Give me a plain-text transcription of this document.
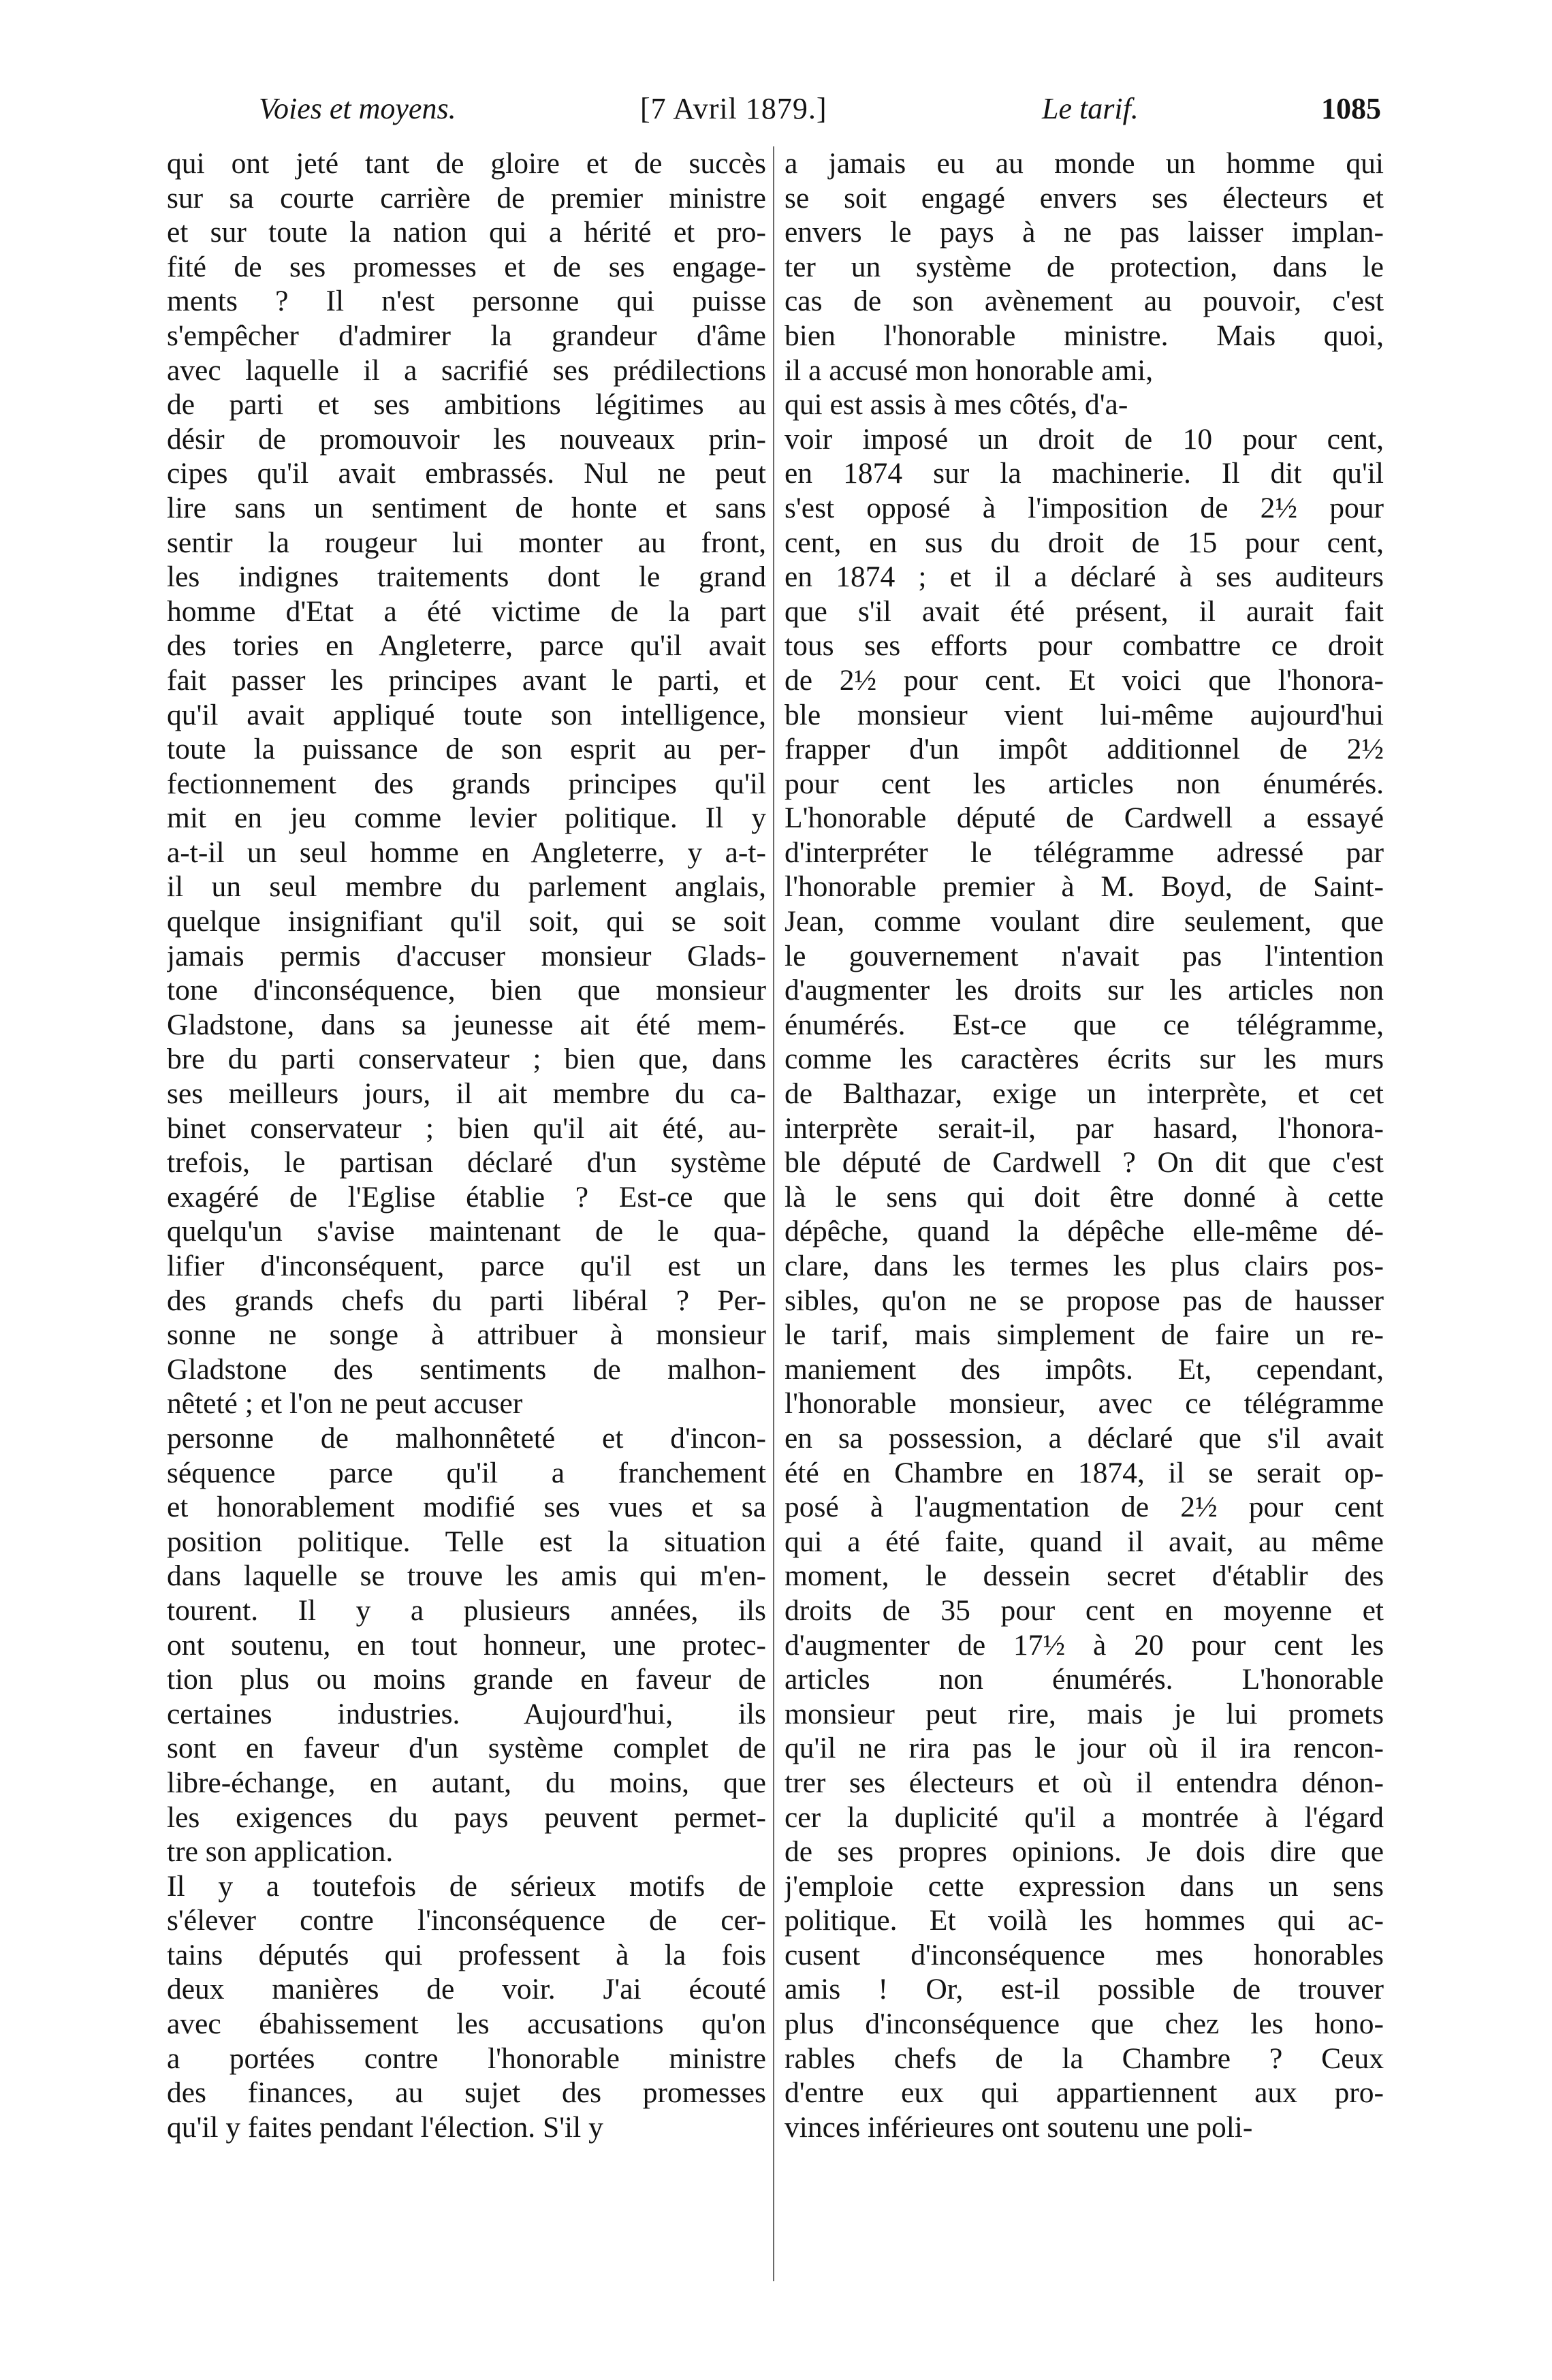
Voies et moyens.	[7 Avril 1879.]	Le tarif.	1085
qui ont jeté tant de gloire et de succès
sur sa courte carrière de premier ministre
et sur toute la nation qui a hérité et pro-
fité de ses promesses et de ses engage-
ments ? Il n'est personne qui puisse
s'empêcher d'admirer la grandeur d'âme
avec laquelle il a sacrifié ses prédilections
de parti et ses ambitions légitimes au
désir de promouvoir les nouveaux prin-
cipes qu'il avait embrassés. Nul ne peut
lire sans un sentiment de honte et sans
sentir la rougeur lui monter au front,
les indignes traitements dont le grand
homme d'Etat a été victime de la part
des tories en Angleterre, parce qu'il avait
fait passer les principes avant le parti, et
qu'il avait appliqué toute son intelligence,
toute la puissance de son esprit au per-
fectionnement des grands principes qu'il
mit en jeu comme levier politique. Il y
a-t-il un seul homme en Angleterre, y a-t-
il un seul membre du parlement anglais,
quelque insignifiant qu'il soit, qui se soit
jamais permis d'accuser monsieur Glads-
tone d'inconséquence, bien que monsieur
Gladstone, dans sa jeunesse ait été mem-
bre du parti conservateur ; bien que, dans
ses meilleurs jours, il ait membre du ca-
binet conservateur ; bien qu'il ait été, au-
trefois, le partisan déclaré d'un système
exagéré de l'Eglise établie ? Est-ce que
quelqu'un s'avise maintenant de le qua-
lifier d'inconséquent, parce qu'il est un
des grands chefs du parti libéral ? Per-
sonne ne songe à attribuer à monsieur
Gladstone des sentiments de malhon-
nêteté ; et l'on ne peut accuser
personne de malhonnêteté et d'incon-
séquence parce qu'il a franchement
et honorablement modifié ses vues et sa
position politique. Telle est la situation
dans laquelle se trouve les amis qui m'en-
tourent. Il y a plusieurs années, ils
ont soutenu, en tout honneur, une protec-
tion plus ou moins grande en faveur de
certaines industries. Aujourd'hui, ils
sont en faveur d'un système complet de
libre-échange, en autant, du moins, que
les exigences du pays peuvent permet-
tre son application.
Il y a toutefois de sérieux motifs de
s'élever contre l'inconséquence de cer-
tains députés qui professent à la fois
deux manières de voir. J'ai écouté
avec ébahissement les accusations qu'on
a portées contre l'honorable ministre
des finances, au sujet des promesses
qu'il y faites pendant l'élection. S'il y
a jamais eu au monde un homme qui
se soit engagé envers ses électeurs et
envers le pays à ne pas laisser implan-
ter un système de protection, dans le
cas de son avènement au pouvoir, c'est
bien l'honorable ministre. Mais quoi,
il a accusé mon honorable ami,
qui est assis à mes côtés, d'a-
voir imposé un droit de 10 pour cent,
en 1874 sur la machinerie. Il dit qu'il
s'est opposé à l'imposition de 2½ pour
cent, en sus du droit de 15 pour cent,
en 1874 ; et il a déclaré à ses auditeurs
que s'il avait été présent, il aurait fait
tous ses efforts pour combattre ce droit
de 2½ pour cent. Et voici que l'honora-
ble monsieur vient lui-même aujourd'hui
frapper d'un impôt additionnel de 2½
pour cent les articles non énumérés.
L'honorable député de Cardwell a essayé
d'interpréter le télégramme adressé par
l'honorable premier à M. Boyd, de Saint-
Jean, comme voulant dire seulement, que
le gouvernement n'avait pas l'intention
d'augmenter les droits sur les articles non
énumérés. Est-ce que ce télégramme,
comme les caractères écrits sur les murs
de Balthazar, exige un interprète, et cet
interprète serait-il, par hasard, l'honora-
ble député de Cardwell ? On dit que c'est
là le sens qui doit être donné à cette
dépêche, quand la dépêche elle-même dé-
clare, dans les termes les plus clairs pos-
sibles, qu'on ne se propose pas de hausser
le tarif, mais simplement de faire un re-
maniement des impôts. Et, cependant,
l'honorable monsieur, avec ce télégramme
en sa possession, a déclaré que s'il avait
été en Chambre en 1874, il se serait op-
posé à l'augmentation de 2½ pour cent
qui a été faite, quand il avait, au même
moment, le dessein secret d'établir des
droits de 35 pour cent en moyenne et
d'augmenter de 17½ à 20 pour cent les
articles non énumérés. L'honorable
monsieur peut rire, mais je lui promets
qu'il ne rira pas le jour où il ira rencon-
trer ses électeurs et où il entendra dénon-
cer la duplicité qu'il a montrée à l'égard
de ses propres opinions. Je dois dire que
j'emploie cette expression dans un sens
politique. Et voilà les hommes qui ac-
cusent d'inconséquence mes honorables
amis ! Or, est-il possible de trouver
plus d'inconséquence que chez les hono-
rables chefs de la Chambre ? Ceux
d'entre eux qui appartiennent aux pro-
vinces inférieures ont soutenu une poli-
